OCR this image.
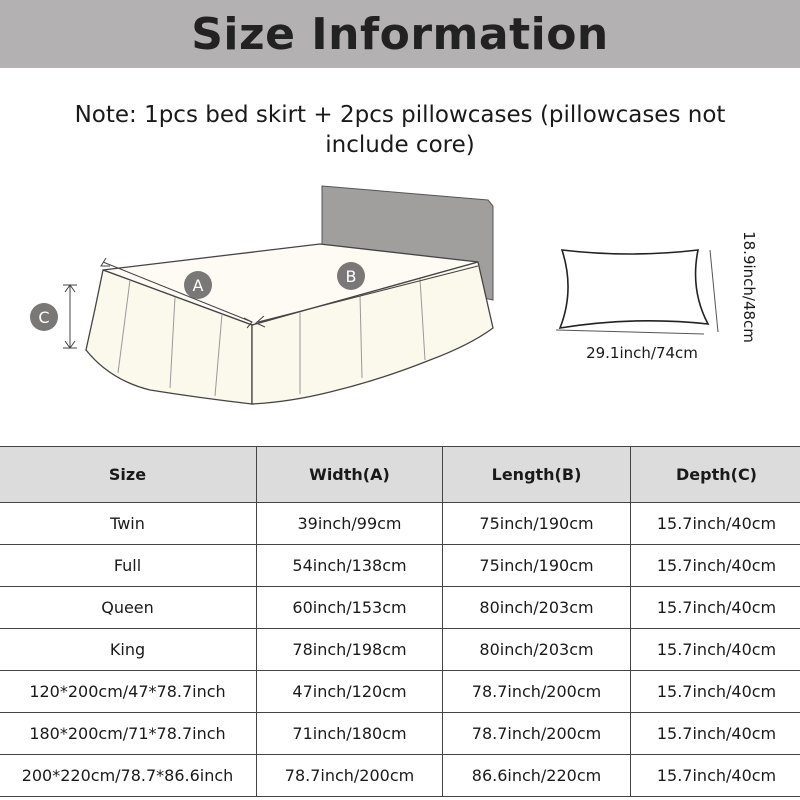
Size Information
Note: 1pcs bed skirt + 2pcs pillowcases (pillowcases not include core)
A	B
C
29.1inch/74cm
18.9inch/48cm
Size	Width(A)	Length(B)	Depth(C)
Twin	39inch/99cm	75inch/190cm	15.7inch/40cm
Full	54inch/138cm	75inch/190cm	15.7inch/40cm
Queen	60inch/153cm	80inch/203cm	15.7inch/40cm
King	78inch/198cm	80inch/203cm	15.7inch/40cm
120*200cm/47*78.7inch	47inch/120cm	78.7inch/200cm	15.7inch/40cm
180*200cm/71*78.7inch	71inch/180cm	78.7inch/200cm	15.7inch/40cm
200*220cm/78.7*86.6inch	78.7inch/200cm	86.6inch/220cm	15.7inch/40cm
